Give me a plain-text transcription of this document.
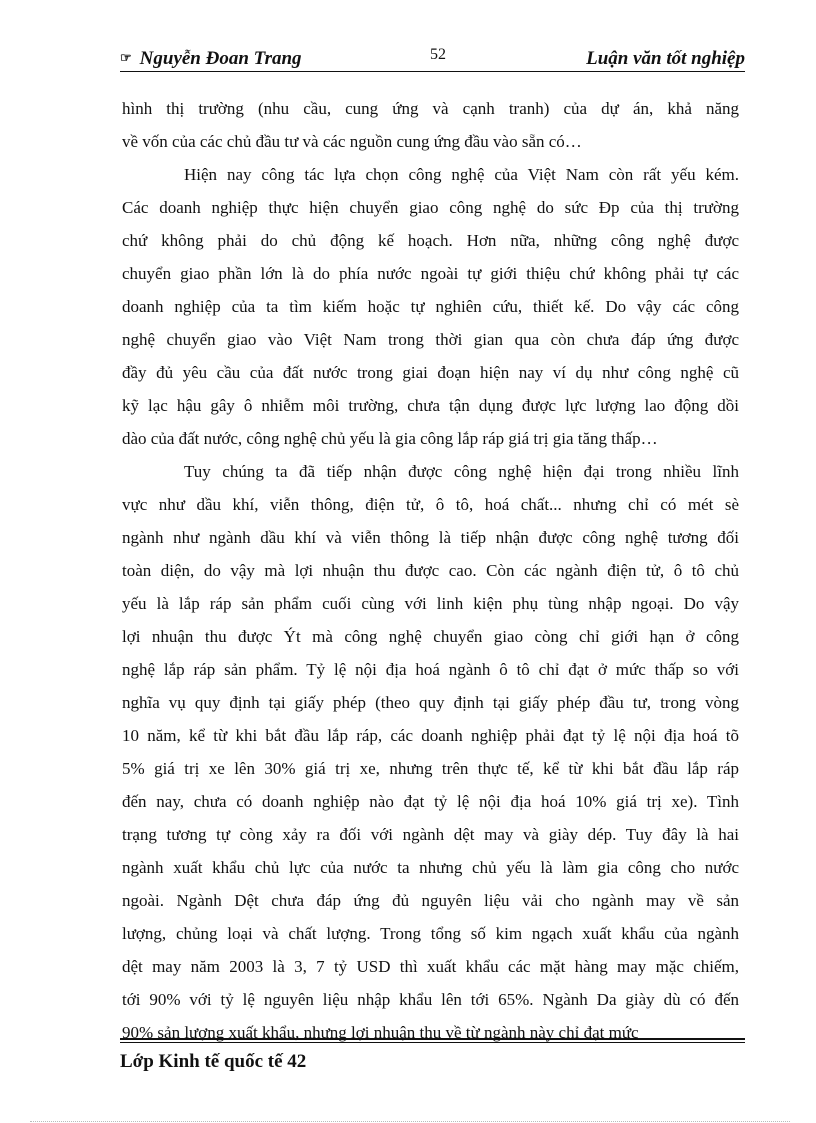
☞ Nguyễn Đoan Trang	52	Luận văn tốt nghiệp
hình thị trường (nhu cầu, cung ứng và cạnh tranh) của dự án, khả năng
về vốn của các chủ đầu tư và các nguồn cung ứng đầu vào sẵn có…
Hiện nay công tác lựa chọn công nghệ của Việt Nam còn rất yếu kém.
Các doanh nghiệp thực hiện chuyển giao công nghệ do sức Đp của thị trường
chứ không phải do chủ động kế hoạch. Hơn nữa, những công nghệ được
chuyển giao phần lớn là do phía nước ngoài tự giới thiệu chứ không phải tự các
doanh nghiệp của ta tìm kiếm hoặc tự nghiên cứu, thiết kế. Do vậy các công
nghệ chuyển giao vào Việt Nam trong thời gian qua còn chưa đáp ứng được
đầy đủ yêu cầu của đất nước trong giai đoạn hiện nay ví dụ như công nghệ cũ
kỹ lạc hậu gây ô nhiễm môi trường, chưa tận dụng được lực lượng lao động dồi
dào của đất nước, công nghệ chủ yếu là gia công lắp ráp giá trị gia tăng thấp…
Tuy chúng ta đã tiếp nhận được công nghệ hiện đại trong nhiều lĩnh
vực như dầu khí, viễn thông, điện tử, ô tô, hoá chất... nhưng chỉ có mét sè
ngành như ngành dầu khí và viễn thông là tiếp nhận được công nghệ tương đối
toàn diện, do vậy mà lợi nhuận thu được cao. Còn các ngành điện tử, ô tô chủ
yếu là lắp ráp sản phẩm cuối cùng với linh kiện phụ tùng nhập ngoại. Do vậy
lợi nhuận thu được Ýt mà công nghệ chuyển giao còng chỉ giới hạn ở công
nghệ lắp ráp sản phẩm. Tỷ lệ nội địa hoá ngành ô tô chỉ đạt ở mức thấp so với
nghĩa vụ quy định tại giấy phép (theo quy định tại giấy phép đầu tư, trong vòng
10 năm, kể từ khi bắt đầu lắp ráp, các doanh nghiệp phải đạt tỷ lệ nội địa hoá tõ
5% giá trị xe lên 30% giá trị xe, nhưng trên thực tế, kể từ khi bắt đầu lắp ráp
đến nay, chưa có doanh nghiệp nào đạt tỷ lệ nội địa hoá 10% giá trị xe). Tình
trạng tương tự còng xảy ra đối với ngành dệt may và giày dép. Tuy đây là hai
ngành xuất khẩu chủ lực của nước ta nhưng chủ yếu là làm gia công cho nước
ngoài. Ngành Dệt chưa đáp ứng đủ nguyên liệu vải cho ngành may về sản
lượng, chủng loại và chất lượng. Trong tổng số kim ngạch xuất khẩu của ngành
dệt may năm 2003 là 3, 7 tỷ USD thì xuất khẩu các mặt hàng may mặc chiếm,
tới 90% với tỷ lệ nguyên liệu nhập khẩu lên tới 65%. Ngành Da giày dù có đến
90% sản lượng xuất khẩu, nhưng lợi nhuận thu về từ ngành này chỉ đạt mức
Lớp Kinh tế quốc tế 42
